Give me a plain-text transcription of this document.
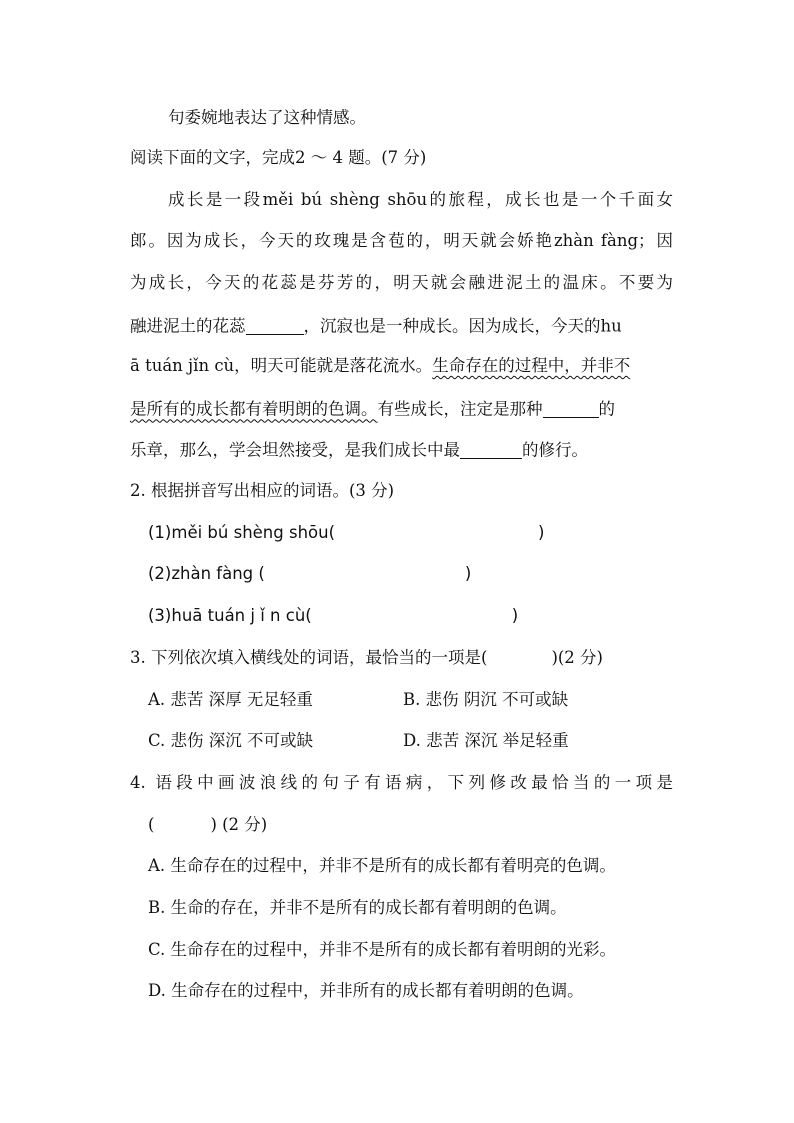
句委婉地表达了这种情感。
阅读下面的文字，完成2 ～ 4 题。(7 分)
成长是一段mě​i bú shèng shōu的旅程，成长也是一个千面女
郎。因为成长，今天的玫瑰是含苞的，明天就会娇艳zhàn fàng；因
为成长，今天的花蕊是芬芳的，明天就会融进泥土的温床。不要为
融进泥土的花蕊	，沉寂也是一种成长。因为成长，今天的hu
ā tuán jǐn cù，明天可能就是落花流水。生命存在的过程中，并非不
是所有的成长都有着明朗的色调。有些成长，注定是那种	的
乐章，那么，学会坦然接受，是我们成长中最	的修行。
2. 根据拼音写出相应的词语。(3 分)
(1)měi bú shèng shōu(	)
(2)zhàn fàng (	)
(3)huā tuán j ǐ n cù(	)
3. 下列依次填入横线处的词语，最恰当的一项是(	)(2 分)
A. 悲苦 深厚 无足轻重	B. 悲伤 阴沉 不可或缺
C. 悲伤 深沉 不可或缺	D. 悲苦 深沉 举足轻重
4. 语段中画波浪线的句子有语病，下列修改最恰当的一项是
(	) (2 分)
A. 生命存在的过程中，并非不是所有的成长都有着明亮的色调。
B. 生命的存在，并非不是所有的成长都有着明朗的色调。
C. 生命存在的过程中，并非不是所有的成长都有着明朗的光彩。
D. 生命存在的过程中，并非所有的成长都有着明朗的色调。
